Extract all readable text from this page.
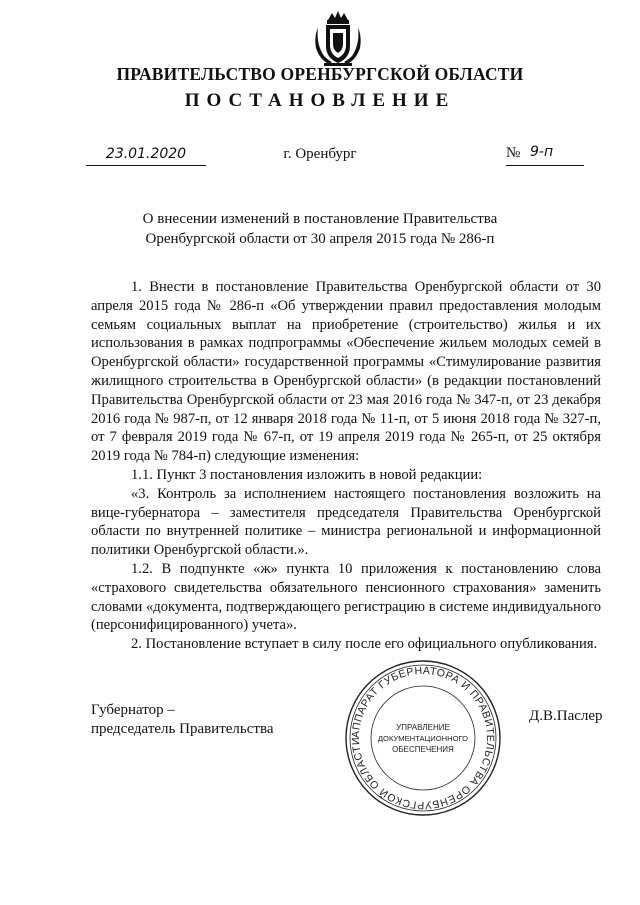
ПРАВИТЕЛЬСТВО ОРЕНБУРГСКОЙ ОБЛАСТИ
ПОСТАНОВЛЕНИЕ
23.01.2020	г. Оренбург	№ 9-п
О внесении изменений в постановление Правительства
Оренбургской области от 30 апреля 2015 года № 286-п

1. Внести в постановление Правительства Оренбургской области от 30 апреля 2015 года № 286-п «Об утверждении правил предоставления молодым семьям социальных выплат на приобретение (строительство) жилья и их использования в рамках подпрограммы «Обеспечение жильем молодых семей в Оренбургской области» государственной программы «Стимулирование развития жилищного строительства в Оренбургской области» (в редакции постановлений Правительства Оренбургской области от 23 мая 2016 года № 347-п, от 23 декабря 2016 года № 987-п, от 12 января 2018 года № 11-п, от 5 июня 2018 года № 327-п, от 7 февраля 2019 года № 67-п, от 19 апреля 2019 года № 265-п, от 25 октября 2019 года № 784-п) следующие изменения:

1.1. Пункт 3 постановления изложить в новой редакции:

«3. Контроль за исполнением настоящего постановления возложить на вице-губернатора – заместителя председателя Правительства Оренбургской области по внутренней политике – министра региональной и информационной политики Оренбургской области.».

1.2. В подпункте «ж» пункта 10 приложения к постановлению слова «страхового свидетельства обязательного пенсионного страхования» заменить словами «документа, подтверждающего регистрацию в системе индивидуального (персонифицированного) учета».

2. Постановление вступает в силу после его официального опубликования.

Губернатор –
председатель Правительства
Д.В.Паслер
АППАРАТ ГУБЕРНАТОРА И ПРАВИТЕЛЬСТВА ОРЕНБУРГСКОЙ ОБЛАСТИ
УПРАВЛЕНИЕ
ДОКУМЕНТАЦИОННОГО
ОБЕСПЕЧЕНИЯ
